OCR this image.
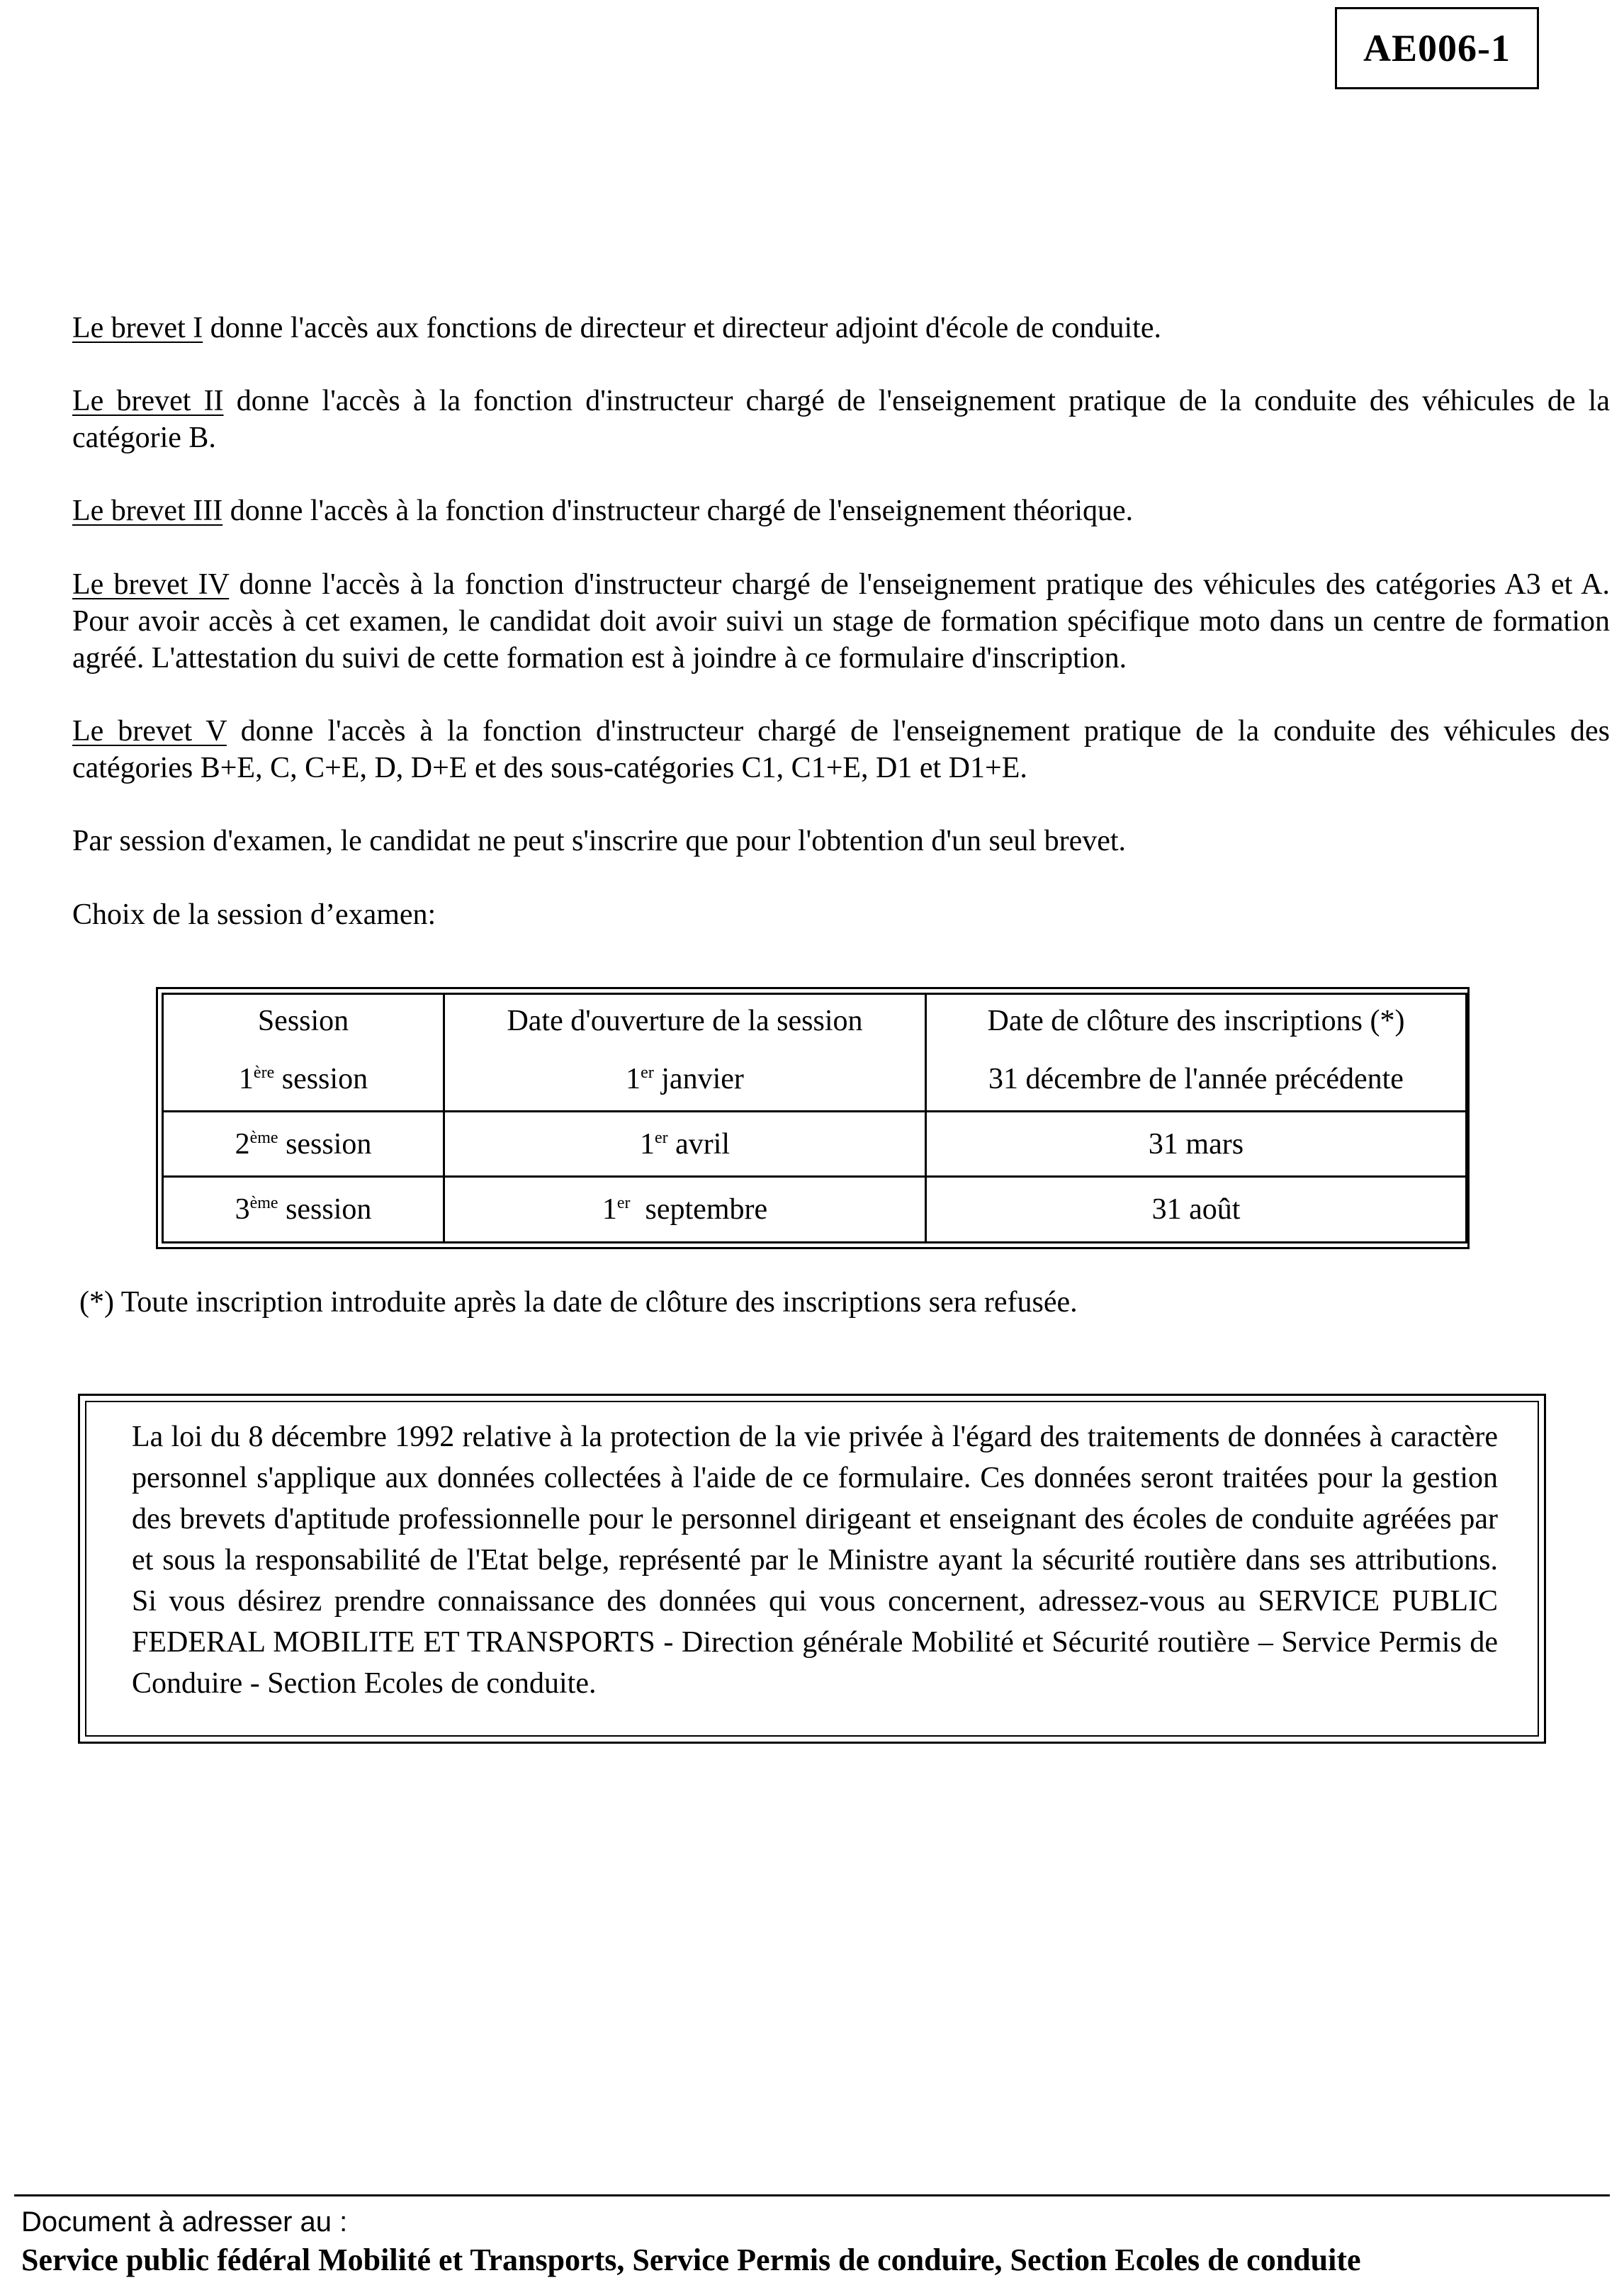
AE006-1

Le brevet I donne l'accès aux fonctions de directeur et directeur adjoint d'école de conduite.

Le brevet II donne l'accès à la fonction d'instructeur chargé de l'enseignement pratique de la conduite des véhicules de la catégorie B.

Le brevet III donne l'accès à la fonction d'instructeur chargé de l'enseignement théorique.

Le brevet IV donne l'accès à la fonction d'instructeur chargé de l'enseignement pratique des véhicules des catégories A3 et A. Pour avoir accès à cet examen, le candidat doit avoir suivi un stage de formation spécifique moto dans un centre de formation agréé. L'attestation du suivi de cette formation est à joindre à ce formulaire d'inscription.

Le brevet V donne l'accès à la fonction d'instructeur chargé de l'enseignement pratique de la conduite des véhicules des catégories B+E, C, C+E, D, D+E et des sous-catégories C1, C1+E, D1 et D1+E.

Par session d'examen, le candidat ne peut s'inscrire que pour l'obtention d'un seul brevet.

Choix de la session d’examen:

Session	Date d'ouverture de la session	Date de clôture des inscriptions (*)
1ère session	1er janvier	31 décembre de l'année précédente
2ème session	1er avril	31 mars
3ème session	1er  septembre	31 août
(*) Toute inscription introduite après la date de clôture des inscriptions sera refusée.
La loi du 8 décembre 1992 relative à la protection de la vie privée à l'égard des traitements de données à caractère personnel s'applique aux données collectées à l'aide de ce formulaire. Ces données seront traitées pour la gestion des brevets d'aptitude professionnelle pour le personnel dirigeant et enseignant des écoles de conduite agréées par et sous la responsabilité de l'Etat belge, représenté par le Ministre ayant la sécurité routière dans ses attributions. Si vous désirez prendre connaissance des données qui vous concernent, adressez-vous au SERVICE PUBLIC FEDERAL MOBILITE ET TRANSPORTS - Direction générale Mobilité et Sécurité routière – Service Permis de Conduire - Section Ecoles de conduite.
Document à adresser au :
Service public fédéral Mobilité et Transports, Service Permis de conduire, Section Ecoles de conduite
